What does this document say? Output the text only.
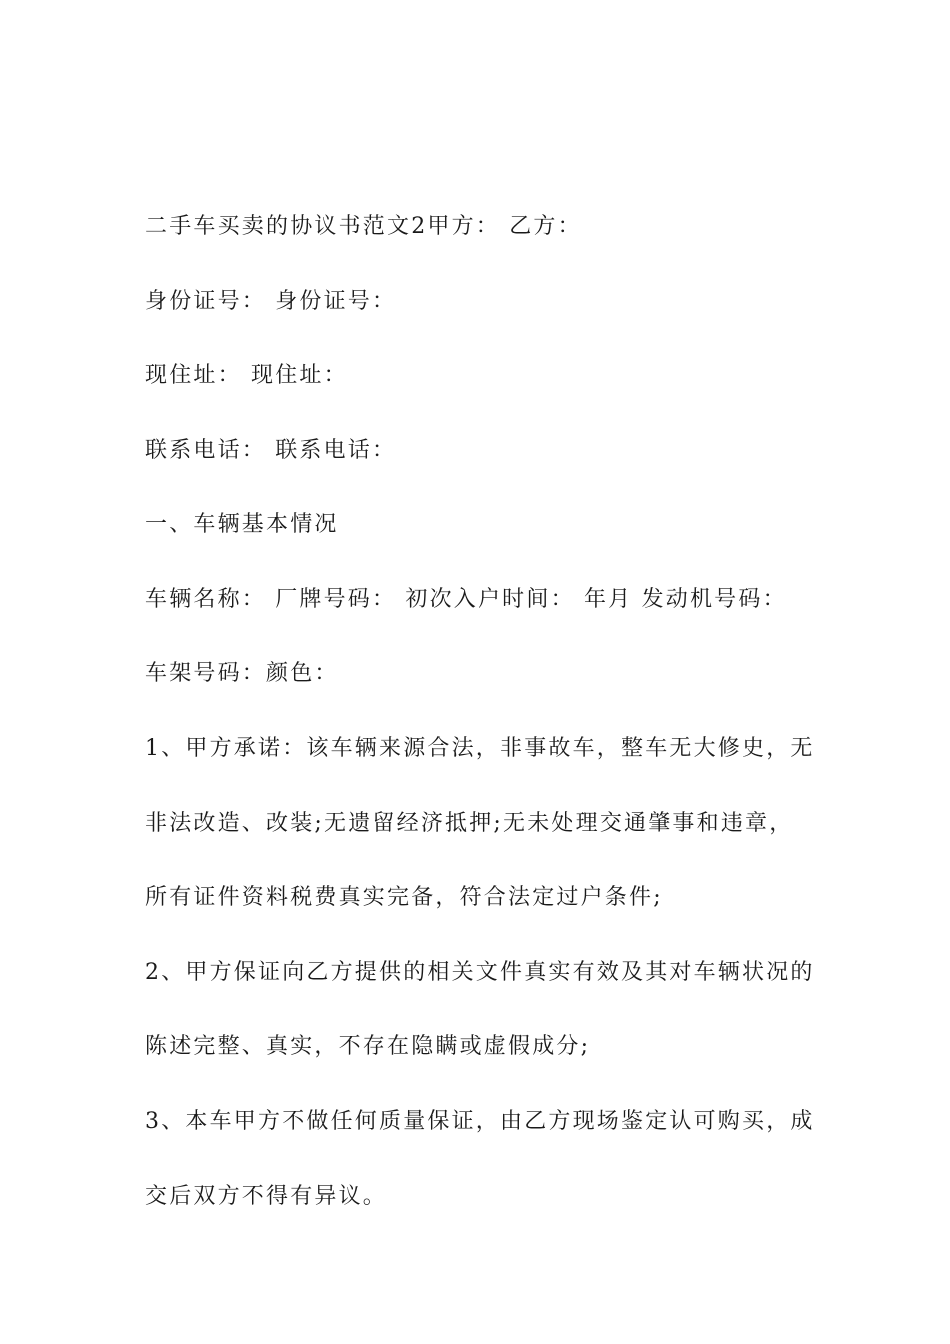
二手车买卖的协议书范文2甲方： 乙方：
身份证号： 身份证号：
现住址： 现住址：
联系电话： 联系电话：
一、车辆基本情况
车辆名称： 厂牌号码： 初次入户时间： 年月 发动机号码：
车架号码：颜色：
1、甲方承诺：该车辆来源合法，非事故车，整车无大修史，无
非法改造、改装;无遗留经济抵押;无未处理交通肇事和违章，
所有证件资料税费真实完备，符合法定过户条件;
2、甲方保证向乙方提供的相关文件真实有效及其对车辆状况的
陈述完整、真实，不存在隐瞒或虚假成分;
3、本车甲方不做任何质量保证，由乙方现场鉴定认可购买，成
交后双方不得有异议。
